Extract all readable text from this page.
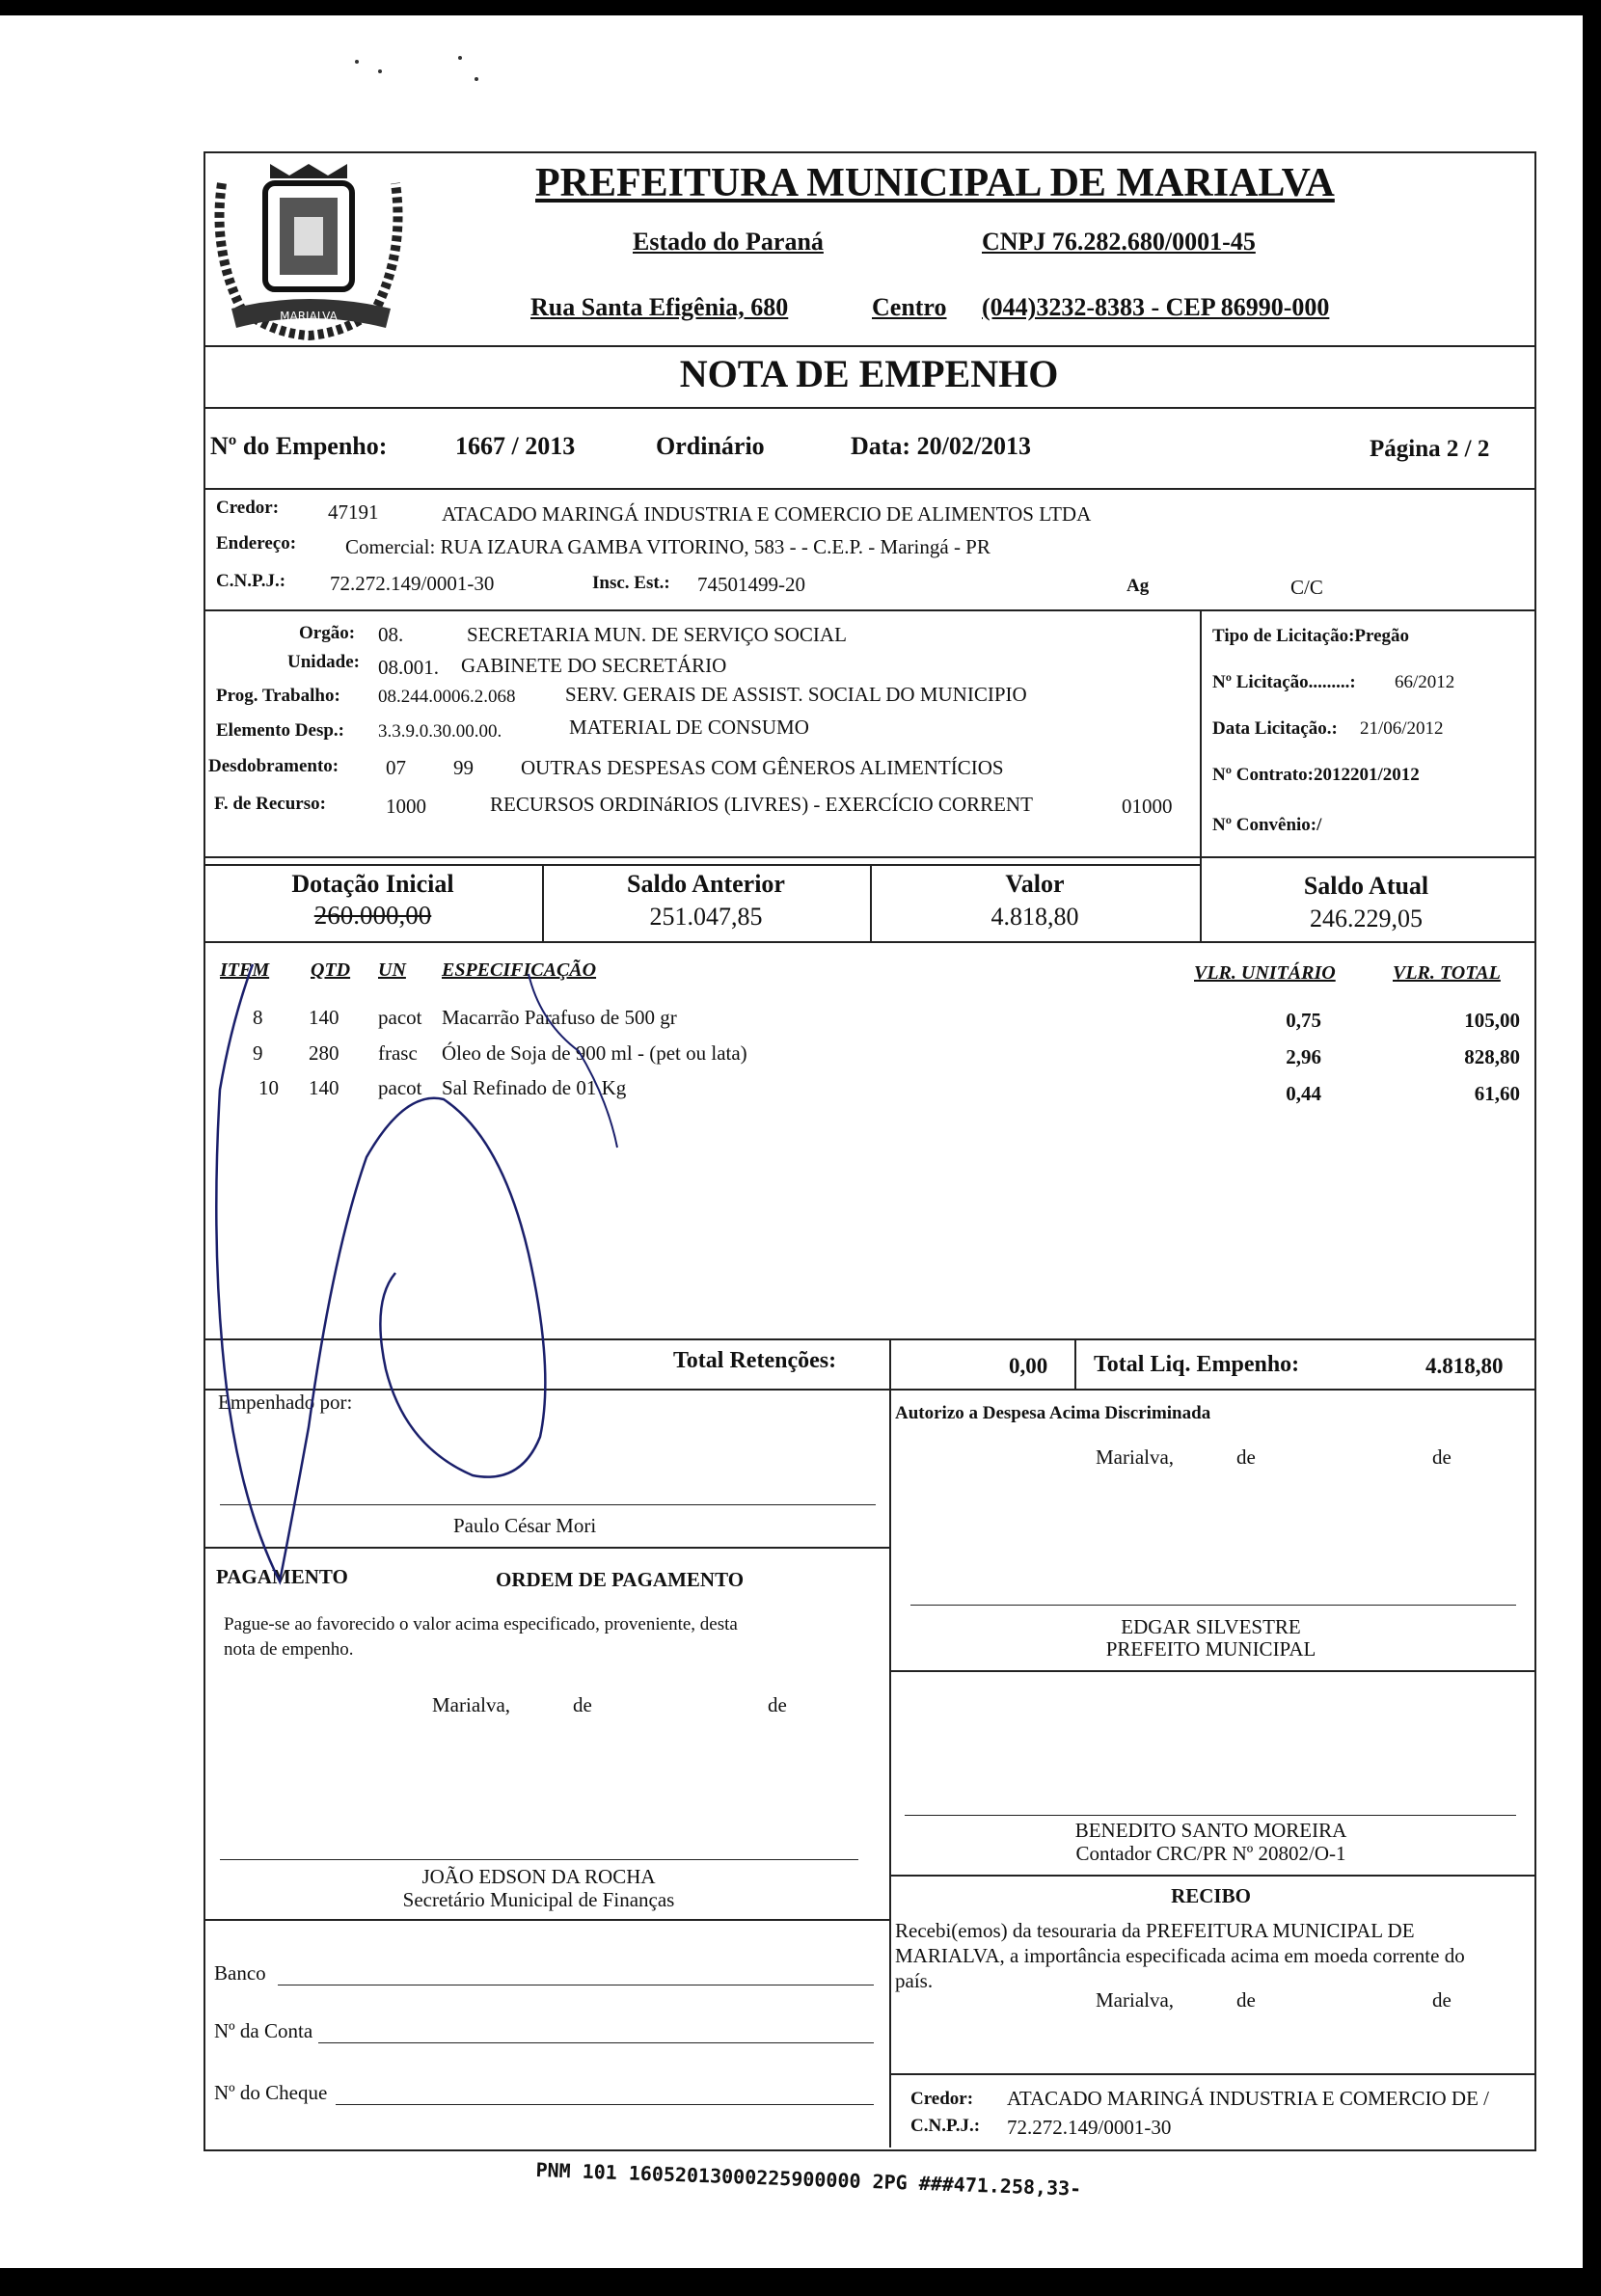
MARIALVA
PREFEITURA MUNICIPAL DE MARIALVA
Estado do Paraná	CNPJ 76.282.680/0001-45
Rua Santa Efigênia, 680	Centro (044)3232-8383 - CEP 86990-000
NOTA DE EMPENHO
Nº do Empenho:	1667 / 2013	Ordinário	Data: 20/02/2013	Página 2 / 2
Credor: 47191	ATACADO MARINGÁ INDUSTRIA E COMERCIO DE ALIMENTOS LTDA
Endereço: Comercial: RUA IZAURA GAMBA VITORINO, 583 - - C.E.P. - Maringá - PR
C.N.P.J.: 72.272.149/0001-30	Insc. Est.: 74501499-20	Ag	C/C
Orgão: 08.	SECRETARIA MUN. DE SERVIÇO SOCIAL
Unidade: 08.001. GABINETE DO SECRETÁRIO
Prog. Trabalho: 08.244.0006.2.068 SERV. GERAIS DE ASSIST. SOCIAL DO MUNICIPIO
Elemento Desp.: 3.3.9.0.30.00.00.	MATERIAL DE CONSUMO
Desdobramento: 07 99 OUTRAS DESPESAS COM GÊNEROS ALIMENTÍCIOS
F. de Recurso:	1000	RECURSOS ORDINáRIOS (LIVRES) - EXERCÍCIO CORRENT	01000
Tipo de Licitação:Pregão
Nº Licitação.........: 66/2012
Data Licitação.: 21/06/2012
Nº Contrato:2012201/2012
Nº Convênio:/
Dotação Inicial
260.000,00
Saldo Anterior
251.047,85
Valor
4.818,80
Saldo Atual
246.229,05
ITEM QTD UN ESPECIFICAÇÃO	VLR. UNITÁRIO	VLR. TOTAL
8 140 pacot Macarrão Parafuso de 500 gr	0,75	105,00
9 280 frasc Óleo de Soja de 900 ml - (pet ou lata)	2,96	828,80
10 140 pacot Sal Refinado de 01 Kg	0,44	61,60
Total Retenções:	0,00 Total Liq. Empenho:	4.818,80
Empenhado por:
Paulo César Mori
Autorizo a Despesa Acima Discriminada
Marialva,	de	de
PAGAMENTO	ORDEM DE PAGAMENTO
Pague-se ao favorecido o valor acima especificado, proveniente, desta
nota de empenho.
Marialva,	de	de
EDGAR SILVESTRE
PREFEITO MUNICIPAL
BENEDITO SANTO MOREIRA
Contador CRC/PR Nº 20802/O-1
JOÃO EDSON DA ROCHA
Secretário Municipal de Finanças	RECIBO
Recebi(emos) da tesouraria da PREFEITURA MUNICIPAL DE
MARIALVA, a importância especificada acima em moeda corrente do
país.
Marialva,	de	de
Banco
Nº da Conta
Nº do Cheque	Credor: ATACADO MARINGÁ INDUSTRIA E COMERCIO DE /
C.N.P.J.: 72.272.149/0001-30
PNM 101 16052013000225900000 2PG ###471.258,33-
